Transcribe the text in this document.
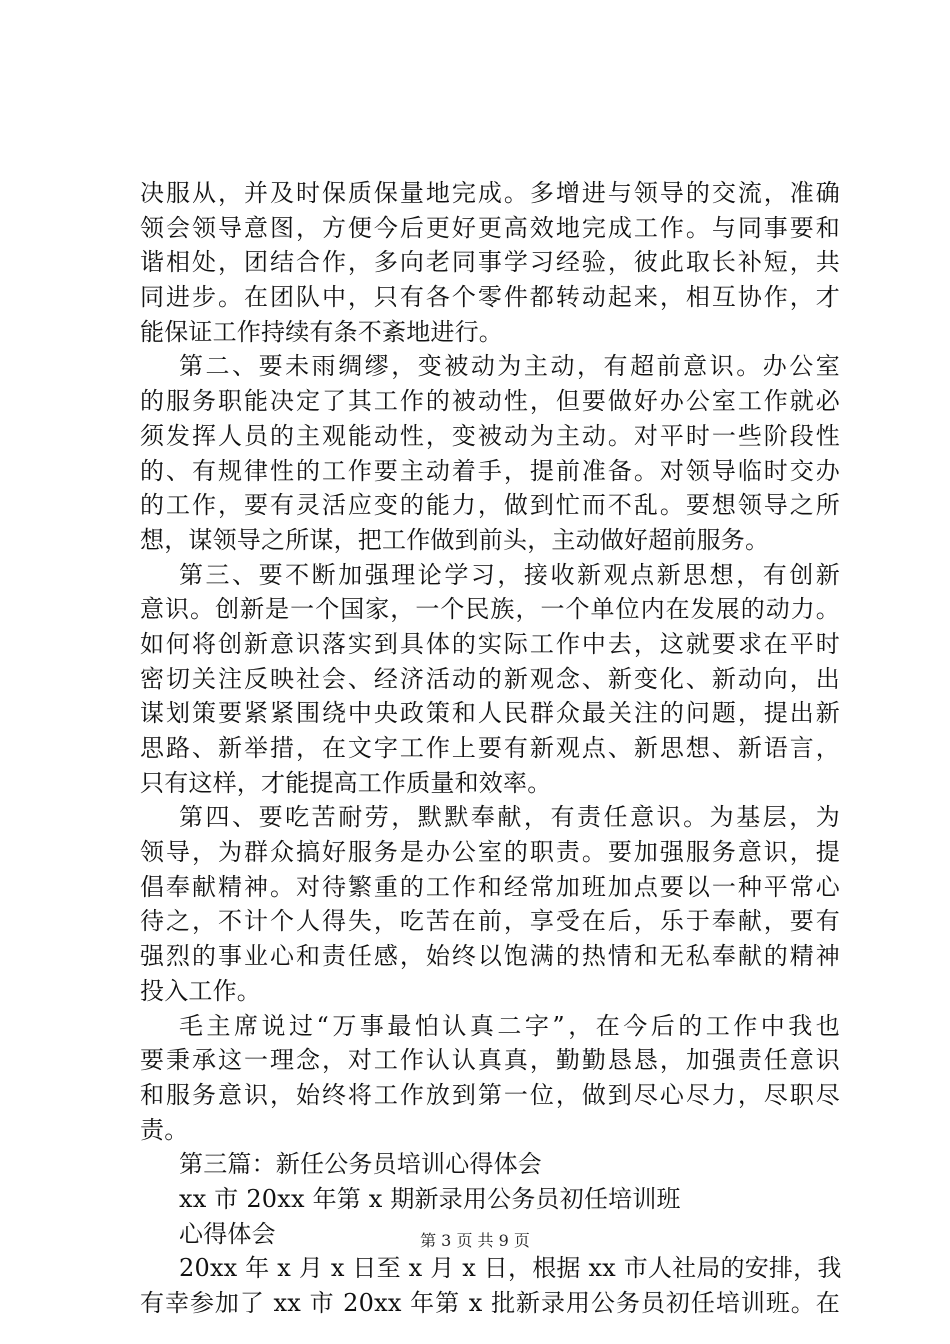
决服从，并及时保质保量地完成。多增进与领导的交流，准确
领会领导意图，方便今后更好更高效地完成工作。与同事要和
谐相处，团结合作，多向老同事学习经验，彼此取长补短，共
同进步。在团队中，只有各个零件都转动起来，相互协作，才
能保证工作持续有条不紊地进行。
第二、要未雨绸缪，变被动为主动，有超前意识。办公室
的服务职能决定了其工作的被动性，但要做好办公室工作就必
须发挥人员的主观能动性，变被动为主动。对平时一些阶段性
的、有规律性的工作要主动着手，提前准备。对领导临时交办
的工作，要有灵活应变的能力，做到忙而不乱。要想领导之所
想，谋领导之所谋，把工作做到前头，主动做好超前服务。
第三、要不断加强理论学习，接收新观点新思想，有创新
意识。创新是一个国家，一个民族，一个单位内在发展的动力。
如何将创新意识落实到具体的实际工作中去，这就要求在平时
密切关注反映社会、经济活动的新观念、新变化、新动向，出
谋划策要紧紧围绕中央政策和人民群众最关注的问题，提出新
思路、新举措，在文字工作上要有新观点、新思想、新语言，
只有这样，才能提高工作质量和效率。
第四、要吃苦耐劳，默默奉献，有责任意识。为基层，为
领导，为群众搞好服务是办公室的职责。要加强服务意识，提
倡奉献精神。对待繁重的工作和经常加班加点要以一种平常心
待之，不计个人得失，吃苦在前，享受在后，乐于奉献，要有
强烈的事业心和责任感，始终以饱满的热情和无私奉献的精神
投入工作。
毛主席说过“万事最怕认真二字”，在今后的工作中我也
要秉承这一理念，对工作认认真真，勤勤恳恳，加强责任意识
和服务意识，始终将工作放到第一位，做到尽心尽力，尽职尽
责。
第三篇：新任公务员培训心得体会
xx 市 20xx 年第 x 期新录用公务员初任培训班
心得体会
20xx 年 x 月 x 日至 x 月 x 日，根据 xx 市人社局的安排，我
有幸参加了 xx 市 20xx 年第 x 批新录用公务员初任培训班。在
第 3 页 共 9 页
